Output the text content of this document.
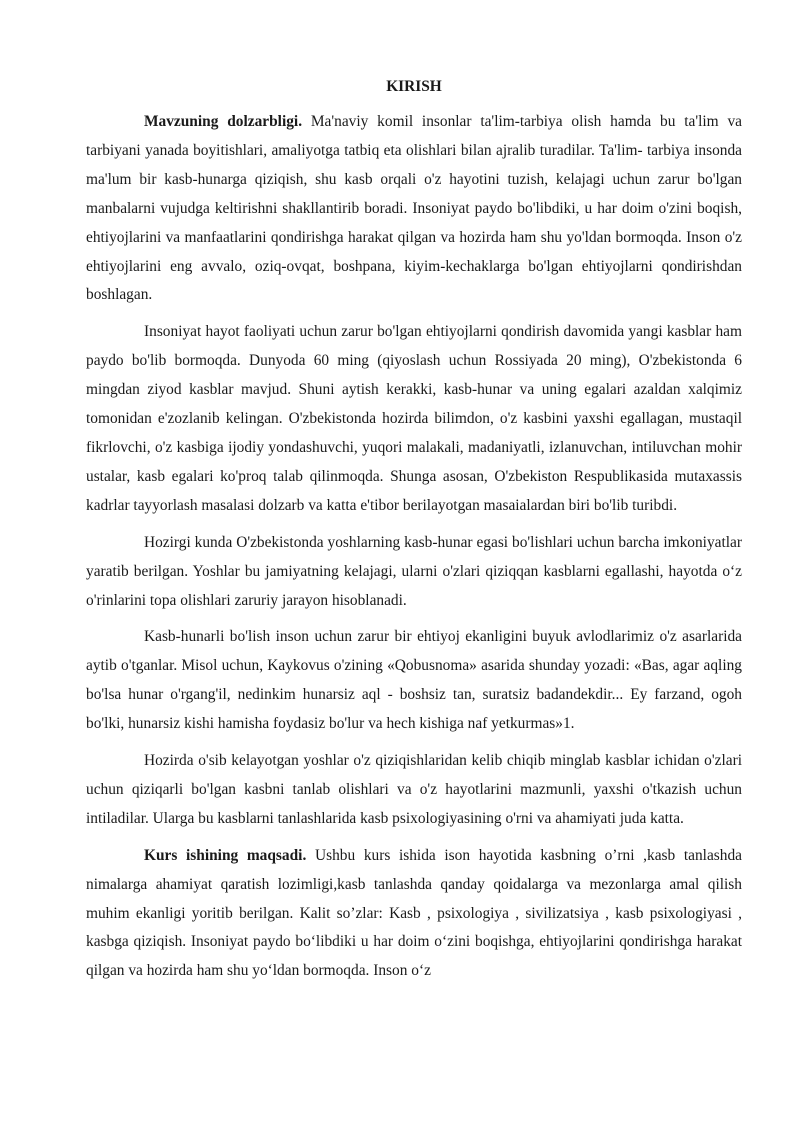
KIRISH

Mavzuning dolzarbligi. Ma'naviy komil insonlar ta'lim-tarbiya olish hamda bu ta'lim va tarbiyani yanada boyitishlari, amaliyotga tatbiq eta olishlari bilan ajralib turadilar. Ta'lim- tarbiya insonda ma'lum bir kasb-hunarga qiziqish, shu kasb orqali o'z hayotini tuzish, kelajagi uchun zarur bo'lgan manbalarni vujudga keltirishni shakllantirib boradi. Insoniyat paydo bo'libdiki, u har doim o'zini boqish, ehtiyojlarini va manfaatlarini qondirishga harakat qilgan va hozirda ham shu yo'ldan bormoqda. Inson o'z ehtiyojlarini eng avvalo, oziq-ovqat, boshpana, kiyim-kechaklarga bo'lgan ehtiyojlarni qondirishdan boshlagan.

Insoniyat hayot faoliyati uchun zarur bo'lgan ehtiyojlarni qondirish davomida yangi kasblar ham paydo bo'lib bormoqda. Dunyoda 60 ming (qiyoslash uchun Rossiyada 20 ming), O'zbekistonda 6 mingdan ziyod kasblar mavjud. Shuni aytish kerakki, kasb-hunar va uning egalari azaldan xalqimiz tomonidan e'zozlanib kelingan. O'zbekistonda hozirda bilimdon, o'z kasbini yaxshi egallagan, mustaqil fikrlovchi, o'z kasbiga ijodiy yondashuvchi, yuqori malakali, madaniyatli, izlanuvchan, intiluvchan mohir ustalar, kasb egalari ko'proq talab qilinmoqda. Shunga asosan, O'zbekiston Respublikasida mutaxassis kadrlar tayyorlash masalasi dolzarb va katta e'tibor berilayotgan masaialardan biri bo'lib turibdi.

Hozirgi kunda O'zbekistonda yoshlarning kasb-hunar egasi bo'lishlari uchun barcha imkoniyatlar yaratib berilgan. Yoshlar bu jamiyatning kelajagi, ularni o'zlari qiziqqan kasblarni egallashi, hayotda o‘z o'rinlarini topa olishlari zaruriy jarayon hisoblanadi.

Kasb-hunarli bo'lish inson uchun zarur bir ehtiyoj ekanligini buyuk avlodlarimiz o'z asarlarida aytib o'tganlar. Misol uchun, Kaykovus o'zining «Qobusnoma» asarida shunday yozadi: «Bas, agar aqling bo'lsa hunar o'rgang'il, nedinkim hunarsiz aql - boshsiz tan, suratsiz badandekdir... Ey farzand, ogoh bo'lki, hunarsiz kishi hamisha foydasiz bo'lur va hech kishiga naf yetkurmas»1.

Hozirda o'sib kelayotgan yoshlar o'z qiziqishlaridan kelib chiqib minglab kasblar ichidan o'zlari uchun qiziqarli bo'lgan kasbni tanlab olishlari va o'z hayotlarini mazmunli, yaxshi o'tkazish uchun intiladilar. Ularga bu kasblarni tanlashlarida kasb psixologiyasining o'rni va ahamiyati juda katta.

Kurs ishining maqsadi. Ushbu kurs ishida ison hayotida kasbning o’rni ,kasb tanlashda nimalarga ahamiyat qaratish lozimligi,kasb tanlashda qanday qoidalarga va mezonlarga amal qilish muhim ekanligi yoritib berilgan. Kalit so’zlar: Kasb , psixologiya , sivilizatsiya , kasb psixologiyasi , kasbga qiziqish. Insoniyat paydo bo‘libdiki u har doim o‘zini boqishga, ehtiyojlarini qondirishga harakat qilgan va hozirda ham shu yo‘ldan bormoqda. Inson o‘z
